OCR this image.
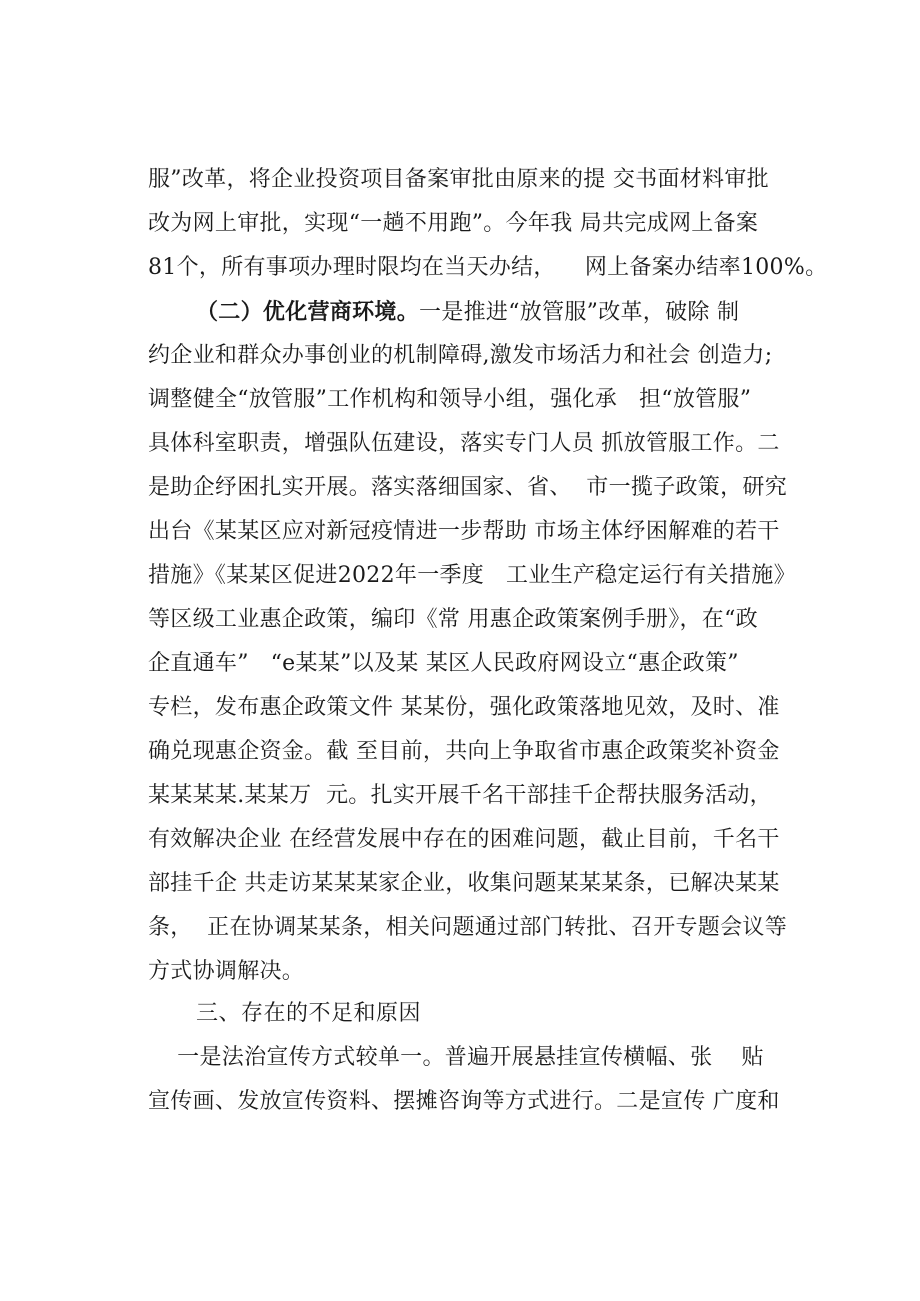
服”改革，将企业投资项目备案审批由原来的提 交书面材料审批
改为网上审批，实现“一趟不用跑”。今年我 局共完成网上备案
81个，所有事项办理时限均在当天办结，    网上备案办结率100%。
（二）优化营商环境。一是推进“放管服”改革，破除 制
约企业和群众办事创业的机制障碍,激发市场活力和社会 创造力;
调整健全“放管服”工作机构和领导小组，强化承   担“放管服”
具体科室职责，增强队伍建设，落实专门人员 抓放管服工作。二
是助企纾困扎实开展。落实落细国家、省、  市一揽子政策，研究
出台《某某区应对新冠疫情进一步帮助 市场主体纾困解难的若干
措施》《某某区促进2022年一季度   工业生产稳定运行有关措施》
等区级工业惠企政策，编印《常 用惠企政策案例手册》，在“政
企直通车”   “e某某”以及某 某区人民政府网设立“惠企政策”
专栏，发布惠企政策文件 某某份，强化政策落地见效，及时、准
确兑现惠企资金。截 至目前，共向上争取省市惠企政策奖补资金
某某某某.某某万  元。扎实开展千名干部挂千企帮扶服务活动，
有效解决企业 在经营发展中存在的困难问题，截止目前，千名干
部挂千企 共走访某某某家企业，收集问题某某某条，已解决某某
条，  正在协调某某条，相关问题通过部门转批、召开专题会议等
方式协调解决。
三、存在的不足和原因
一是法治宣传方式较单一。普遍开展悬挂宣传横幅、张    贴
宣传画、发放宣传资料、摆摊咨询等方式进行。二是宣传 广度和
